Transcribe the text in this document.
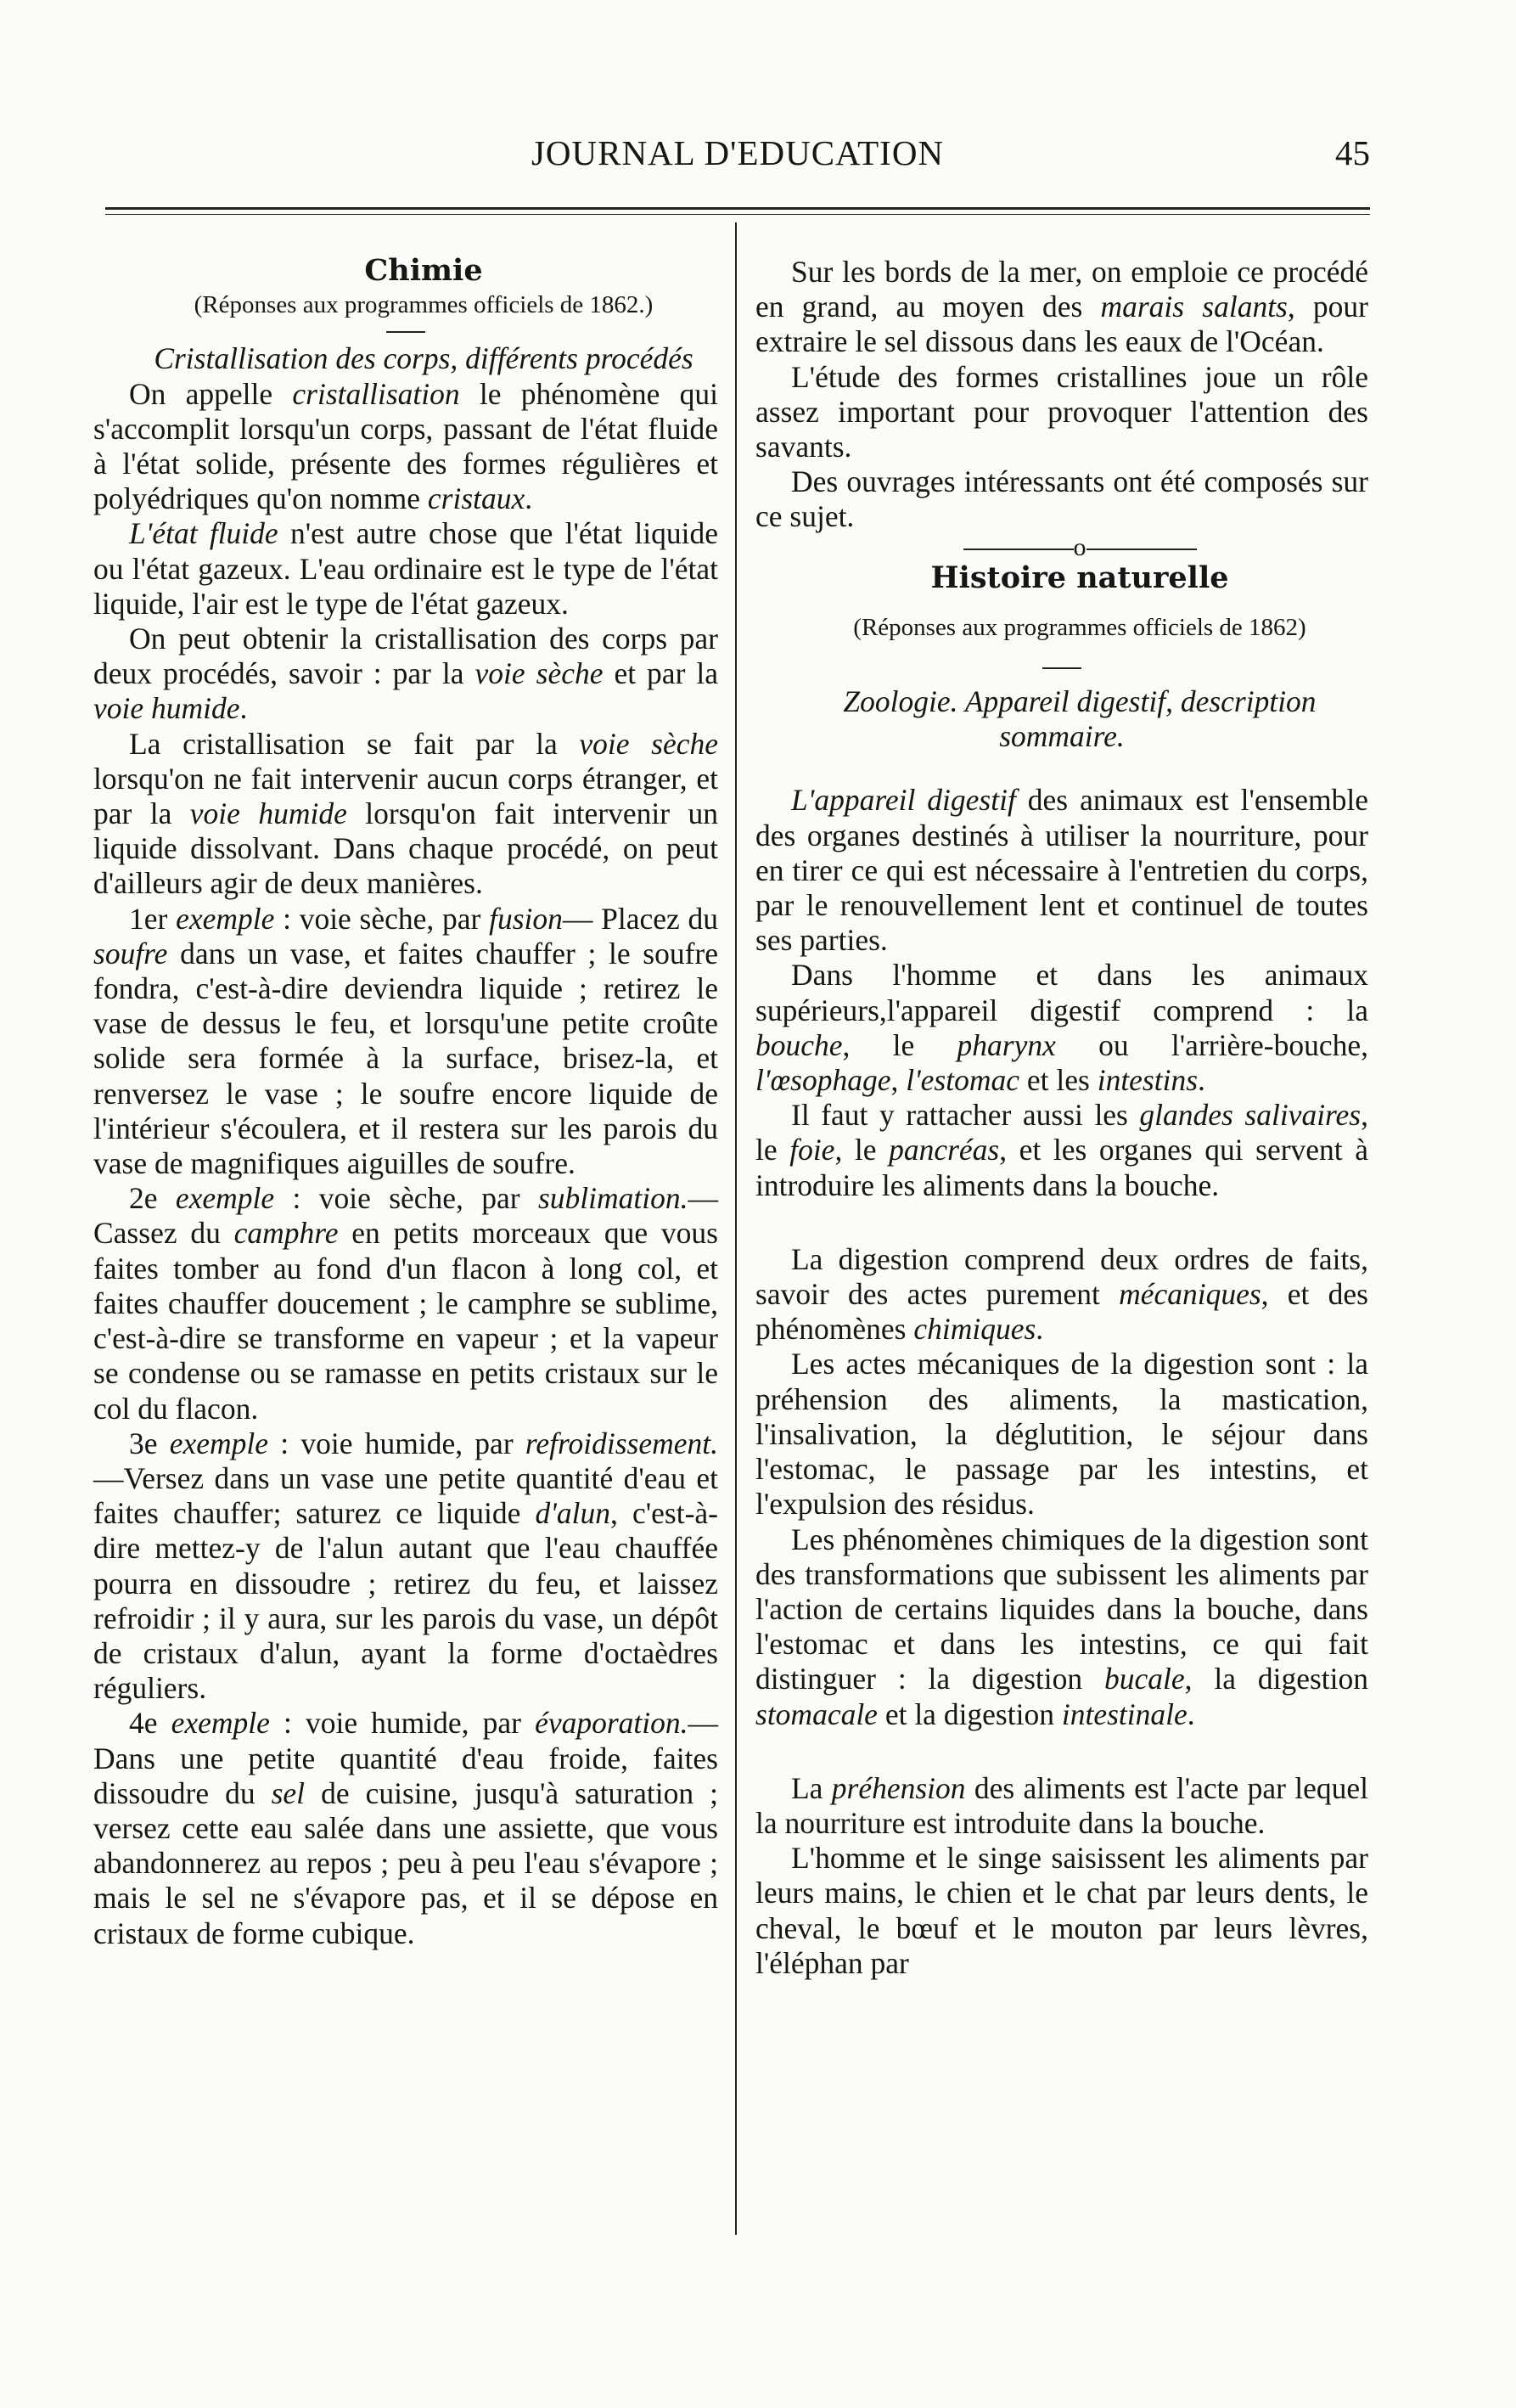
JOURNAL D'EDUCATION	45

Chimie

(Réponses aux programmes officiels de 1862.)

Cristallisation des corps, différents procédés

On appelle cristallisation le phénomène qui s'accomplit lorsqu'un corps, passant de l'état fluide à l'état solide, présente des formes régulières et polyédriques qu'on nomme cristaux.

L'état fluide n'est autre chose que l'état liquide ou l'état gazeux. L'eau ordinaire est le type de l'état liquide, l'air est le type de l'état gazeux.

On peut obtenir la cristallisation des corps par deux procédés, savoir : par la voie sèche et par la voie humide.

La cristallisation se fait par la voie sèche lorsqu'on ne fait intervenir aucun corps étranger, et par la voie humide lorsqu'on fait intervenir un liquide dissolvant. Dans chaque procédé, on peut d'ailleurs agir de deux manières.

1er exemple : voie sèche, par fusion— Placez du soufre dans un vase, et faites chauffer ; le soufre fondra, c'est-à-dire deviendra liquide ; retirez le vase de dessus le feu, et lorsqu'une petite croûte solide sera formée à la surface, brisez-la, et renversez le vase ; le soufre encore liquide de l'intérieur s'écoulera, et il restera sur les parois du vase de magnifiques aiguilles de soufre.

2e exemple : voie sèche, par sublimation.— Cassez du camphre en petits morceaux que vous faites tomber au fond d'un flacon à long col, et faites chauffer doucement ; le camphre se sublime, c'est-à-dire se transforme en vapeur ; et la vapeur se condense ou se ramasse en petits cristaux sur le col du flacon.

3e exemple : voie humide, par refroidissement.—Versez dans un vase une petite quantité d'eau et faites chauffer; saturez ce liquide d'alun, c'est-à-dire mettez-y de l'alun autant que l'eau chauffée pourra en dissoudre ; retirez du feu, et laissez refroidir ; il y aura, sur les parois du vase, un dépôt de cristaux d'alun, ayant la forme d'octaèdres réguliers.

4e exemple : voie humide, par évaporation.—Dans une petite quantité d'eau froide, faites dissoudre du sel de cuisine, jusqu'à saturation ; versez cette eau salée dans une assiette, que vous abandonnerez au repos ; peu à peu l'eau s'évapore ; mais le sel ne s'évapore pas, et il se dépose en cristaux de forme cubique.

Sur les bords de la mer, on emploie ce procédé en grand, au moyen des marais salants, pour extraire le sel dissous dans les eaux de l'Océan.

L'étude des formes cristallines joue un rôle assez important pour provoquer l'attention des savants.

Des ouvrages intéressants ont été composés sur ce sujet.

o

Histoire naturelle

(Réponses aux programmes officiels de 1862)

Zoologie. Appareil digestif, description sommaire.

L'appareil digestif des animaux est l'ensemble des organes destinés à utiliser la nourriture, pour en tirer ce qui est nécessaire à l'entretien du corps, par le renouvellement lent et continuel de toutes ses parties.

Dans l'homme et dans les animaux supérieurs,l'appareil digestif comprend : la bouche, le pharynx ou l'arrière-bouche, l'œsophage, l'estomac et les intestins.

Il faut y rattacher aussi les glandes salivaires, le foie, le pancréas, et les organes qui servent à introduire les aliments dans la bouche.

La digestion comprend deux ordres de faits, savoir des actes purement mécaniques, et des phénomènes chimiques.

Les actes mécaniques de la digestion sont : la préhension des aliments, la mastication, l'insalivation, la déglutition, le séjour dans l'estomac, le passage par les intestins, et l'expulsion des résidus.

Les phénomènes chimiques de la digestion sont des transformations que subissent les aliments par l'action de certains liquides dans la bouche, dans l'estomac et dans les intestins, ce qui fait distinguer : la digestion bucale, la digestion stomacale et la digestion intestinale.

La préhension des aliments est l'acte par lequel la nourriture est introduite dans la bouche.

L'homme et le singe saisissent les aliments par leurs mains, le chien et le chat par leurs dents, le cheval, le bœuf et le mouton par leurs lèvres, l'éléphan par
